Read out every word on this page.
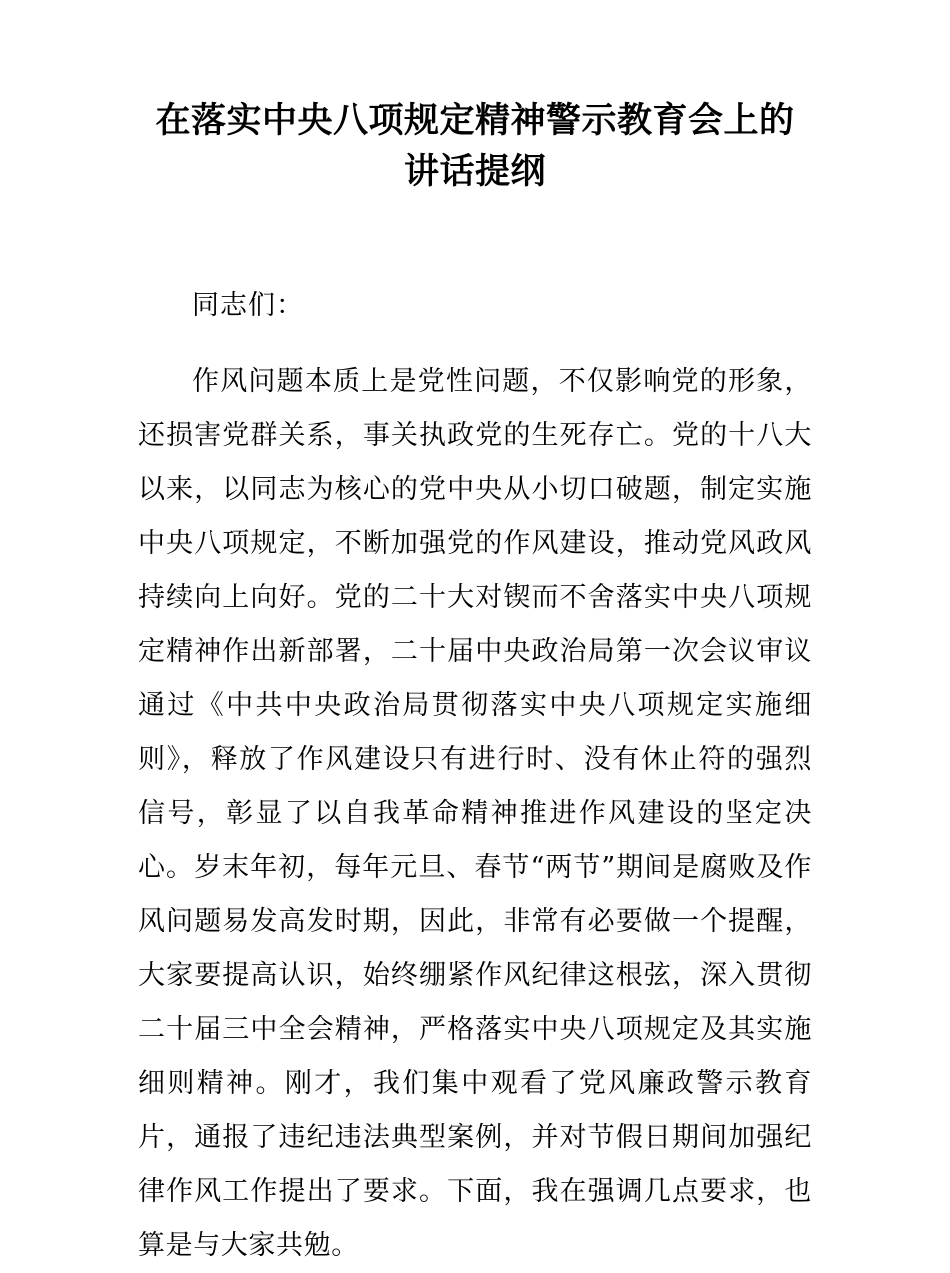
在落实中央八项规定精神警示教育会上的讲话提纲

同志们：

作风问题本质上是党性问题，不仅影响党的形象，还损害党群关系，事关执政党的生死存亡。党的十八大以来，以同志为核心的党中央从小切口破题，制定实施中央八项规定，不断加强党的作风建设，推动党风政风持续向上向好。党的二十大对锲而不舍落实中央八项规定精神作出新部署，二十届中央政治局第一次会议审议通过《中共中央政治局贯彻落实中央八项规定实施细则》，释放了作风建设只有进行时、没有休止符的强烈信号，彰显了以自我革命精神推进作风建设的坚定决心。岁末年初，每年元旦、春节“两节”期间是腐败及作风问题易发高发时期，因此，非常有必要做一个提醒，大家要提高认识，始终绷紧作风纪律这根弦，深入贯彻二十届三中全会精神，严格落实中央八项规定及其实施细则精神。刚才，我们集中观看了党风廉政警示教育片，通报了违纪违法典型案例，并对节假日期间加强纪律作风工作提出了要求。下面，我在强调几点要求，也算是与大家共勉。
